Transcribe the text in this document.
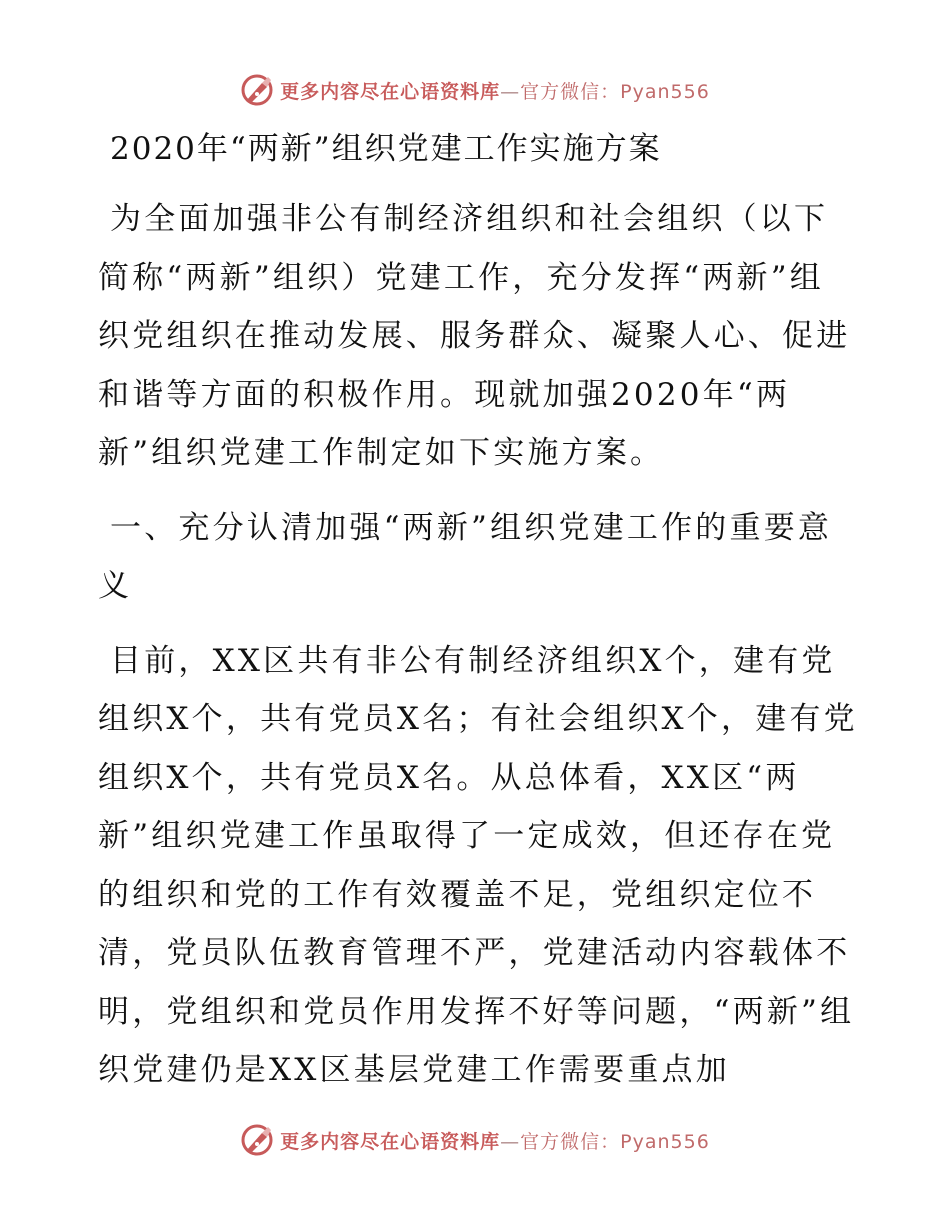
更多内容尽在心语资料库—官方微信：Pyan556
2020年“两新”组织党建工作实施方案

为全面加强非公有制经济组织和社会组织（以下简称“两新”组织）党建工作，充分发挥“两新”组织党组织在推动发展、服务群众、凝聚人心、促进和谐等方面的积极作用。现就加强2020年“两新”组织党建工作制定如下实施方案。

一、充分认清加强“两新”组织党建工作的重要意义

目前，XX区共有非公有制经济组织X个，建有党组织X个，共有党员X名；有社会组织X个，建有党组织X个，共有党员X名。从总体看，XX区“两新”组织党建工作虽取得了一定成效，但还存在党的组织和党的工作有效覆盖不足，党组织定位不清，党员队伍教育管理不严，党建活动内容载体不明，党组织和党员作用发挥不好等问题，“两新”组织党建仍是XX区基层党建工作需要重点加

更多内容尽在心语资料库—官方微信：Pyan556
